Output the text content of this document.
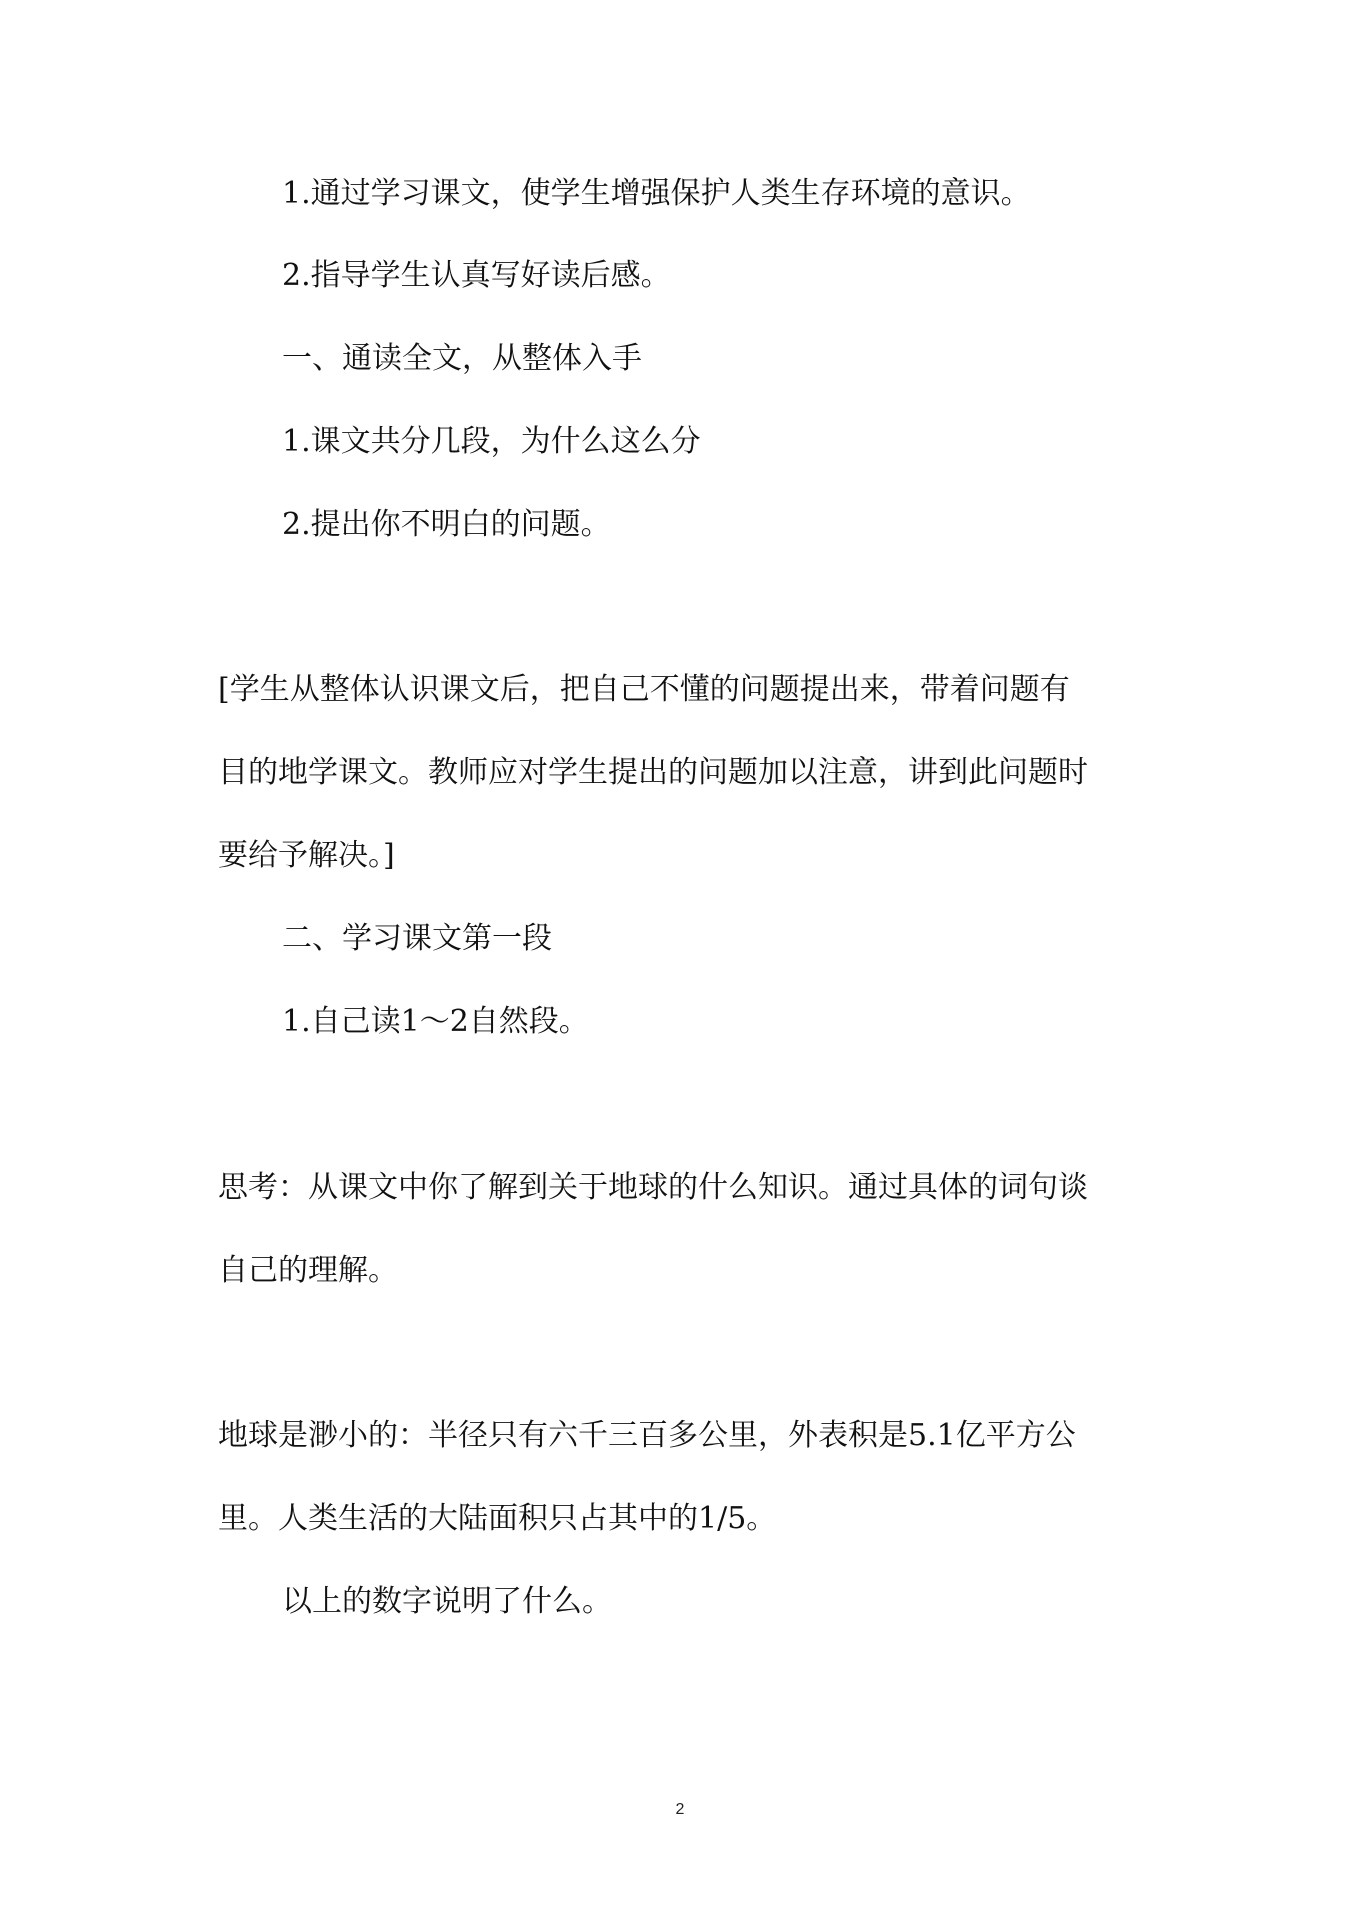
1.通过学习课文，使学生增强保护人类生存环境的意识。
2.指导学生认真写好读后感。
一、通读全文，从整体入手
1.课文共分几段，为什么这么分
2.提出你不明白的问题。
[学生从整体认识课文后，把自己不懂的问题提出来，带着问题有
目的地学课文。教师应对学生提出的问题加以注意，讲到此问题时
要给予解决。]
二、学习课文第一段
1.自己读1～2自然段。
思考：从课文中你了解到关于地球的什么知识。通过具体的词句谈
自己的理解。
地球是渺小的：半径只有六千三百多公里，外表积是5.1亿平方公
里。人类生活的大陆面积只占其中的1/5。
以上的数字说明了什么。
2
